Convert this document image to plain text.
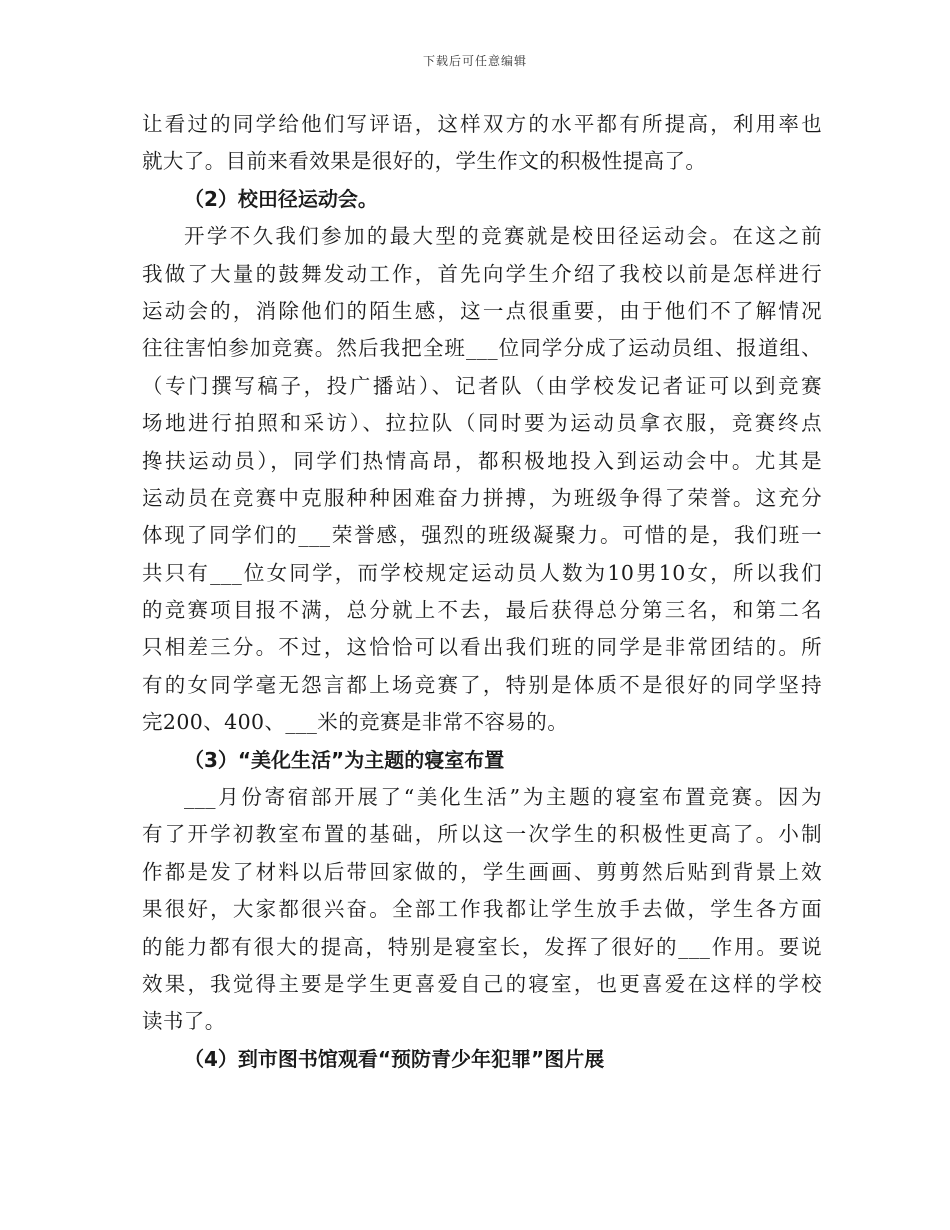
下载后可任意编辑
让看过的同学给他们写评语，这样双方的水平都有所提高，利用率也
就大了。目前来看效果是很好的，学生作文的积极性提高了。
（2）校田径运动会。
开学不久我们参加的最大型的竞赛就是校田径运动会。在这之前
我做了大量的鼓舞发动工作，首先向学生介绍了我校以前是怎样进行
运动会的，消除他们的陌生感，这一点很重要，由于他们不了解情况
往往害怕参加竞赛。然后我把全班___位同学分成了运动员组、报道组、
（专门撰写稿子，投广播站）、记者队（由学校发记者证可以到竞赛
场地进行拍照和采访）、拉拉队（同时要为运动员拿衣服，竞赛终点
搀扶运动员），同学们热情高昂，都积极地投入到运动会中。尤其是
运动员在竞赛中克服种种困难奋力拼搏，为班级争得了荣誉。这充分
体现了同学们的___荣誉感，强烈的班级凝聚力。可惜的是，我们班一
共只有___位女同学，而学校规定运动员人数为10男10女，所以我们
的竞赛项目报不满，总分就上不去，最后获得总分第三名，和第二名
只相差三分。不过，这恰恰可以看出我们班的同学是非常团结的。所
有的女同学毫无怨言都上场竞赛了，特别是体质不是很好的同学坚持
完200、400、___米的竞赛是非常不容易的。
（3）“美化生活”为主题的寝室布置
___月份寄宿部开展了“美化生活”为主题的寝室布置竞赛。因为
有了开学初教室布置的基础，所以这一次学生的积极性更高了。小制
作都是发了材料以后带回家做的，学生画画、剪剪然后贴到背景上效
果很好，大家都很兴奋。全部工作我都让学生放手去做，学生各方面
的能力都有很大的提高，特别是寝室长，发挥了很好的___作用。要说
效果，我觉得主要是学生更喜爱自己的寝室，也更喜爱在这样的学校
读书了。
（4）到市图书馆观看“预防青少年犯罪”图片展
